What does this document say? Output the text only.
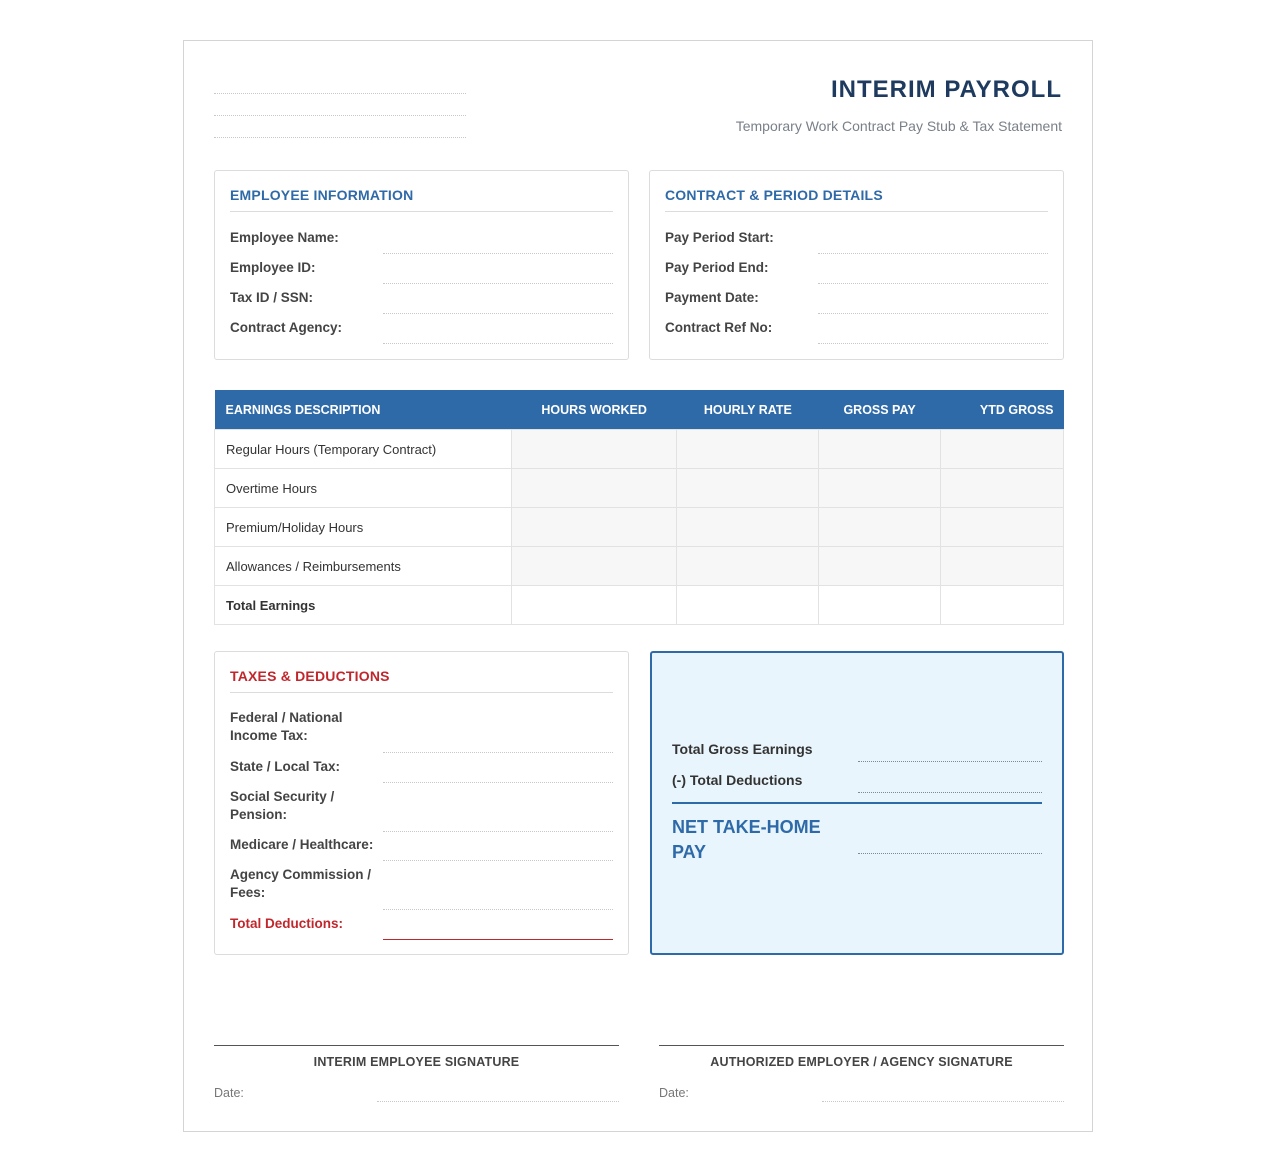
INTERIM PAYROLL
Temporary Work Contract Pay Stub & Tax Statement
EMPLOYEE INFORMATION
Employee Name:
Employee ID:
Tax ID / SSN:
Contract Agency:
CONTRACT & PERIOD DETAILS
Pay Period Start:
Pay Period End:
Payment Date:
Contract Ref No:
EARNINGS DESCRIPTION	HOURS WORKED	HOURLY RATE	GROSS PAY	YTD GROSS
Regular Hours (Temporary Contract)				
Overtime Hours				
Premium/Holiday Hours				
Allowances / Reimbursements				
Total Earnings				
TAXES & DEDUCTIONS
Federal / National Income Tax:
State / Local Tax:
Social Security / Pension:
Medicare / Healthcare:
Agency Commission / Fees:
Total Deductions:
Total Gross Earnings
(-) Total Deductions
NET TAKE-HOME PAY
INTERIM EMPLOYEE SIGNATURE
Date:
AUTHORIZED EMPLOYER / AGENCY SIGNATURE
Date:
